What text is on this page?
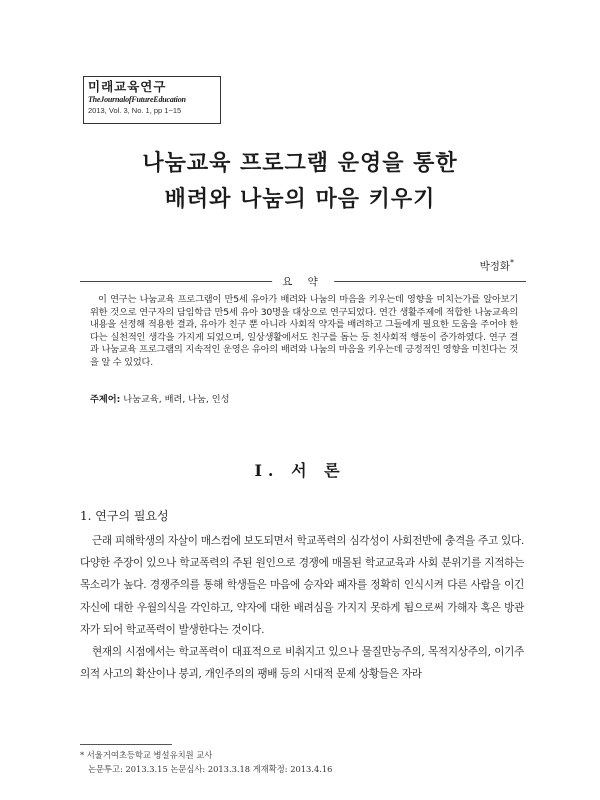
미래교육연구
TheJournalofFutureEducation
2013, Vol. 3, No. 1, pp 1~15
나눔교육 프로그램 운영을 통한
배려와 나눔의 마음 키우기
박정화*
요 약

이 연구는 나눔교육 프로그램이 만5세 유아가 배려와 나눔의 마음을 키우는데 영향을 미치는가를 알아보기 위한 것으로 연구자의 담임학급 만5세 유아 30명을 대상으로 연구되었다. 연간 생활주제에 적합한 나눔교육의 내용을 선정해 적용한 결과, 유아가 친구 뿐 아니라 사회적 약자를 배려하고 그들에게 필요한 도움을 주어야 한다는 실천적인 생각을 가지게 되었으며, 일상생활에서도 친구를 돕는 등 친사회적 행동이 증가하였다. 연구 결과 나눔교육 프로그램의 지속적인 운영은 유아의 배려와 나눔의 마음을 키우는데 긍정적인 영향을 미친다는 것을 알 수 있었다.

주제어: 나눔교육, 배려, 나눔, 인성
Ⅰ. 서 론
1. 연구의 필요성

근래 피해학생의 자살이 매스컴에 보도되면서 학교폭력의 심각성이 사회전반에 충격을 주고 있다. 다양한 주장이 있으나 학교폭력의 주된 원인으로 경쟁에 매몰된 학교교육과 사회 분위기를 지적하는 목소리가 높다. 경쟁주의를 통해 학생들은 마음에 승자와 패자를 정확히 인식시켜 다른 사람을 이긴 자신에 대한 우월의식을 각인하고, 약자에 대한 배려심을 가지지 못하게 됨으로써 가해자 혹은 방관자가 되어 학교폭력이 발생한다는 것이다.

현재의 시점에서는 학교폭력이 대표적으로 비춰지고 있으나 물질만능주의, 목적지상주의, 이기주의적 사고의 확산이나 붕괴, 개인주의의 팽배 등의 시대적 문제 상황들은 자라

* 서울거여초등학교 병설유치원 교사
논문투고: 2013.3.15 논문심사: 2013.3.18 게재확정: 2013.4.16
